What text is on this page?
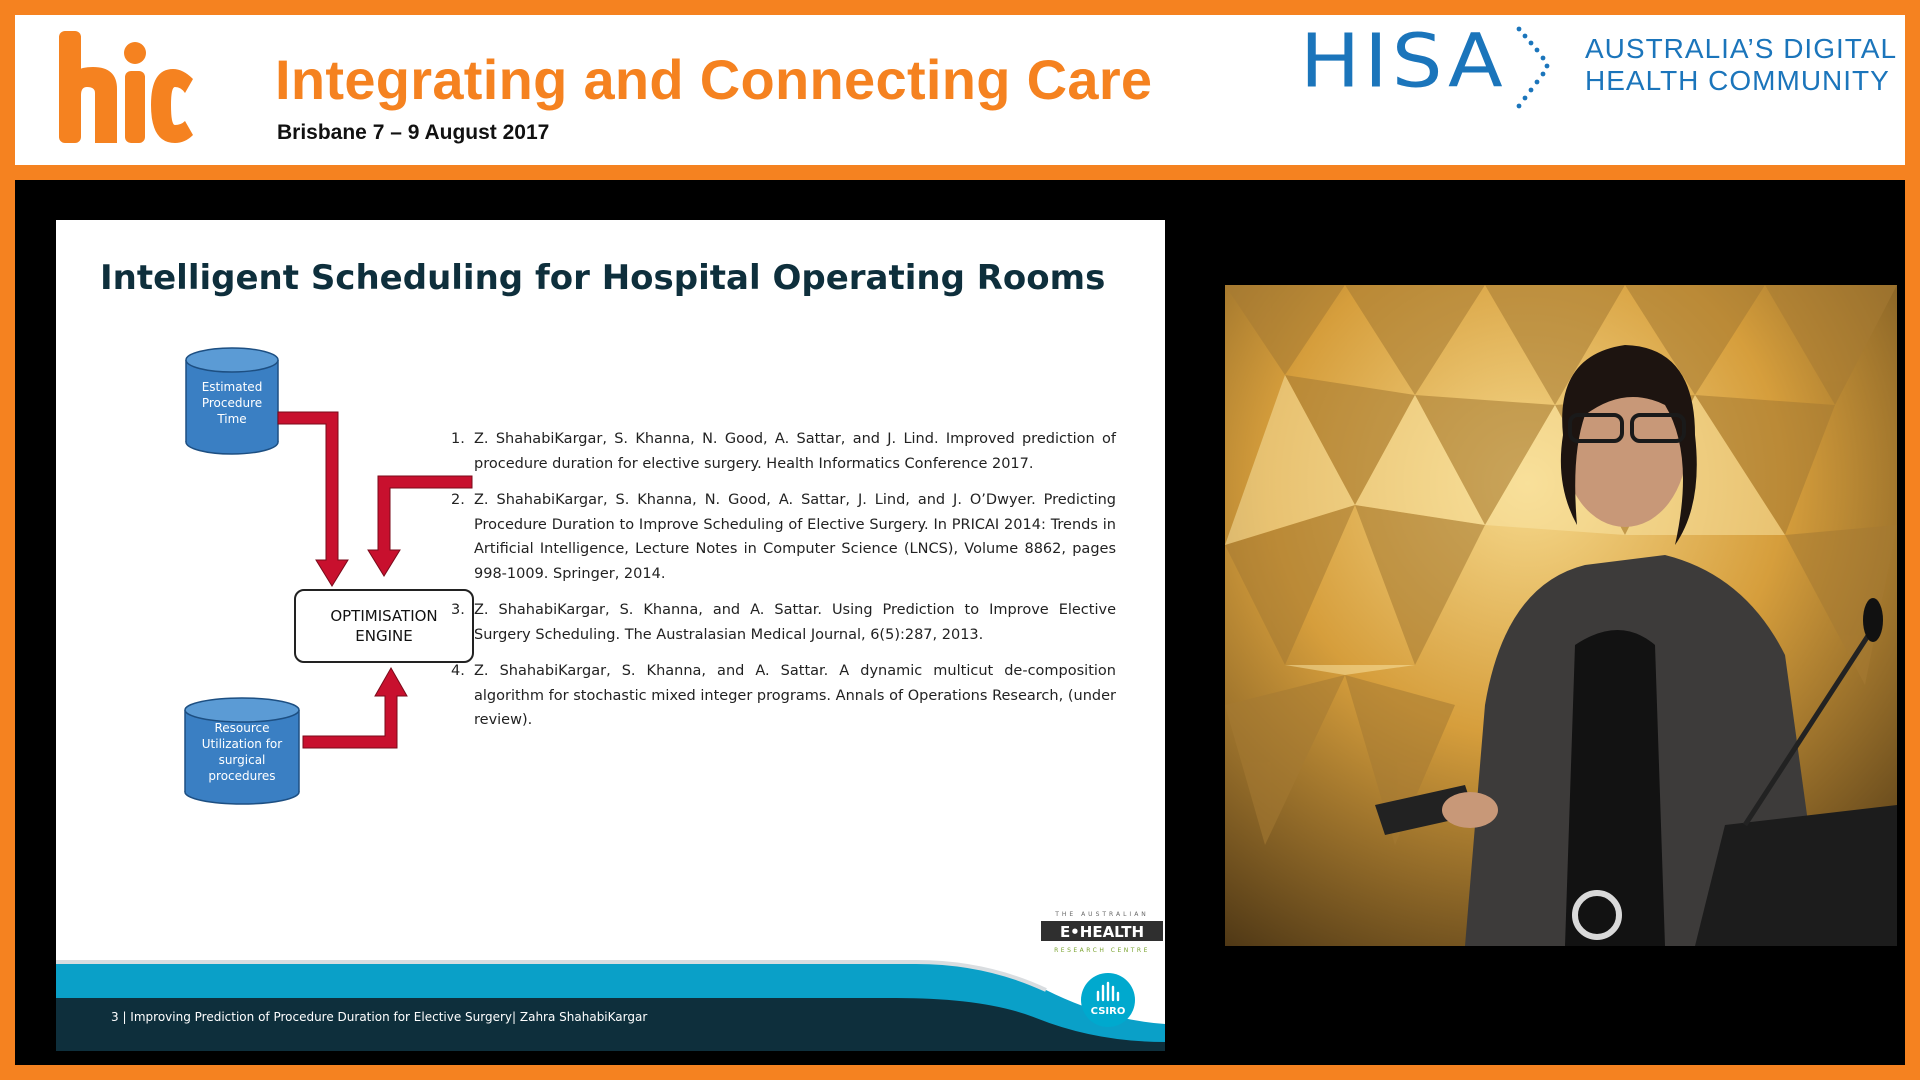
hic
Integrating and Connecting Care
Brisbane 7 – 9 August 2017
HISA	AUSTRALIA’S DIGITAL
HEALTH COMMUNITY
Intelligent Scheduling for Hospital Operating Rooms
Estimated
Procedure
Time
Resource
Utilization for
surgical
procedures
OPTIMISATION
ENGINE
1. Z. ShahabiKargar, S. Khanna, N. Good, A. Sattar, and J. Lind. Improved prediction of procedure duration for elective surgery. Health Informatics Conference 2017.
2. Z. ShahabiKargar, S. Khanna, N. Good, A. Sattar, J. Lind, and J. O’Dwyer. Predicting Procedure Duration to Improve Scheduling of Elective Surgery. In PRICAI 2014: Trends in Artificial Intelligence, Lecture Notes in Computer Science (LNCS), Volume 8862, pages 998-1009. Springer, 2014.
3. Z. ShahabiKargar, S. Khanna, and A. Sattar. Using Prediction to Improve Elective Surgery Scheduling. The Australasian Medical Journal, 6(5):287, 2013.
4. Z. ShahabiKargar, S. Khanna, and A. Sattar. A dynamic multicut de-composition algorithm for stochastic mixed integer programs. Annals of Operations Research, (under review).
THE AUSTRALIAN
E•HEALTH
RESEARCH CENTRE
CSIRO
3 | Improving Prediction of Procedure Duration for Elective Surgery| Zahra ShahabiKargar
